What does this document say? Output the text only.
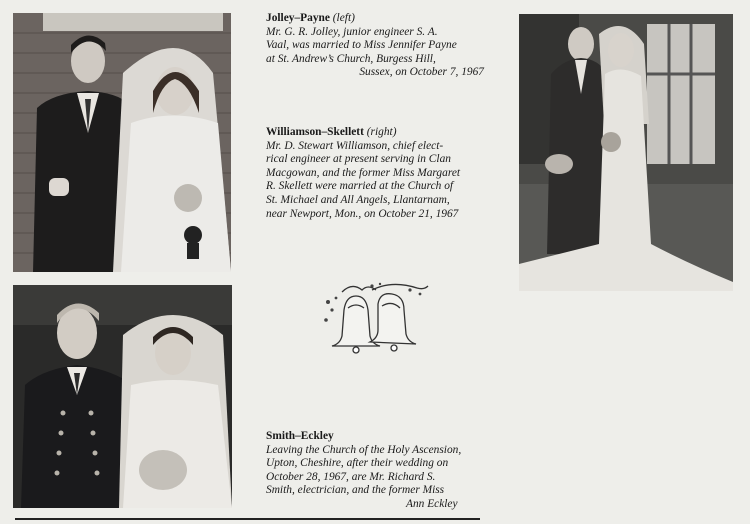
Jolley–Payne (left)
Mr. G. R. Jolley, junior engineer S. A.
Vaal, was married to Miss Jennifer Payne
at St. Andrew’s Church, Burgess Hill,
Sussex, on October 7, 1967
Williamson–Skellett (right)
Mr. D. Stewart Williamson, chief elect-
rical engineer at present serving in Clan
Macgowan, and the former Miss Margaret
R. Skellett were married at the Church of
St. Michael and All Angels, Llantarnam,
near Newport, Mon., on October 21, 1967
Smith–Eckley
Leaving the Church of the Holy Ascension,
Upton, Cheshire, after their wedding on
October 28, 1967, are Mr. Richard S.
Smith, electrician, and the former Miss
Ann Eckley
